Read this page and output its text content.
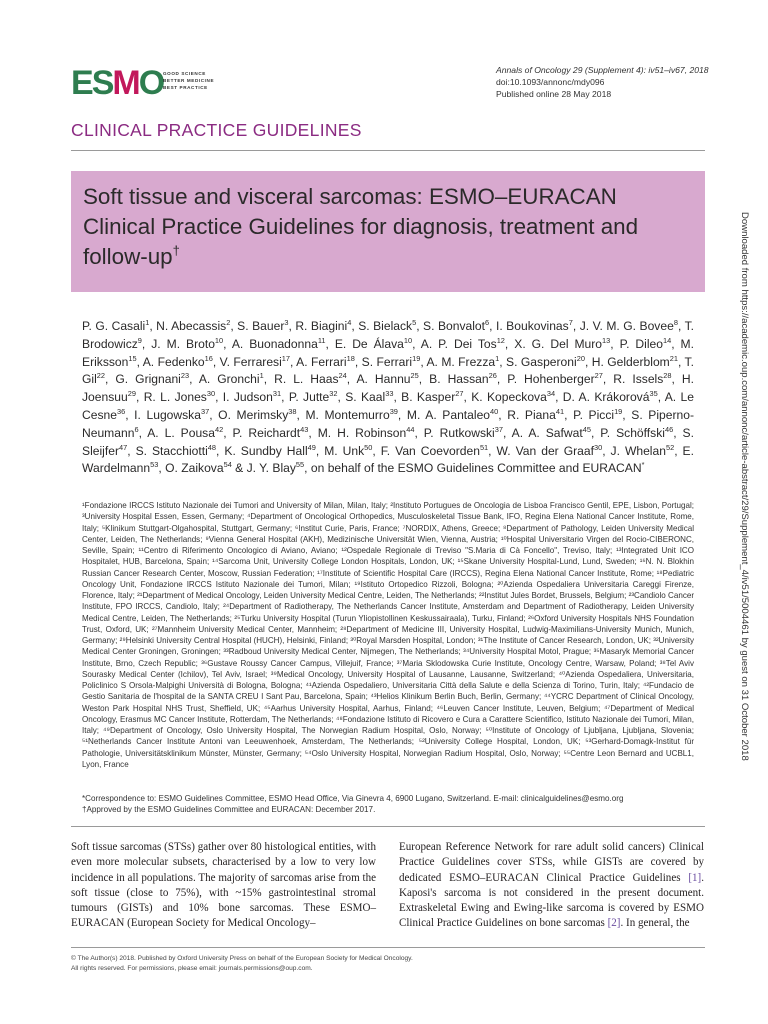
ESMO GOOD SCIENCE
BETTER MEDICINE
BEST PRACTICE
Annals of Oncology 29 (Supplement 4): iv51–iv67, 2018
doi:10.1093/annonc/mdy096
Published online 28 May 2018
CLINICAL PRACTICE GUIDELINES
Soft tissue and visceral sarcomas: ESMO–EURACAN Clinical Practice Guidelines for diagnosis, treatment and follow-up†
P. G. Casali$^1$, N. Abecassis$^2$, S. Bauer$^3$, R. Biagini$^4$, S. Bielack$^5$, S. Bonvalot$^6$, I. Boukovinas$^7$, J. V. M. G. Bovee$^8$, T. Brodowicz$^9$, J. M. Broto$^{10}$, A. Buonadonna$^{11}$, E. De Álava$^{10}$, A. P. Dei Tos$^{12}$, X. G. Del Muro$^{13}$, P. Dileo$^{14}$, M. Eriksson$^{15}$, A. Fedenko$^{16}$, V. Ferraresi$^{17}$, A. Ferrari$^{18}$, S. Ferrari$^{19}$, A. M. Frezza$^1$, S. Gasperoni$^{20}$, H. Gelderblom$^{21}$, T. Gil$^{22}$, G. Grignani$^{23}$, A. Gronchi$^1$, R. L. Haas$^{24}$, A. Hannu$^{25}$, B. Hassan$^{26}$, P. Hohenberger$^{27}$, R. Issels$^{28}$, H. Joensuu$^{29}$, R. L. Jones$^{30}$, I. Judson$^{31}$, P. Jutte$^{32}$, S. Kaal$^{33}$, B. Kasper$^{27}$, K. Kopeckova$^{34}$, D. A. Krákorová$^{35}$, A. Le Cesne$^{36}$, I. Lugowska$^{37}$, O. Merimsky$^{38}$, M. Montemurro$^{39}$, M. A. Pantaleo$^{40}$, R. Piana$^{41}$, P. Picci$^{19}$, S. Piperno-Neumann$^6$, A. L. Pousa$^{42}$, P. Reichardt$^{43}$, M. H. Robinson$^{44}$, P. Rutkowski$^{37}$, A. A. Safwat$^{45}$, P. Schöffski$^{46}$, S. Sleijfer$^{47}$, S. Stacchiotti$^{48}$, K. Sundby Hall$^{49}$, M. Unk$^{50}$, F. Van Coevorden$^{51}$, W. Van der Graaf$^{30}$, J. Whelan$^{52}$, E. Wardelmann$^{53}$, O. Zaikova$^{54}$ & J. Y. Blay$^{55}$, on behalf of the ESMO Guidelines Committee and EURACAN*
¹Fondazione IRCCS Istituto Nazionale dei Tumori and University of Milan, Milan, Italy; ²Instituto Portugues de Oncologia de Lisboa Francisco Gentil, EPE, Lisbon, Portugal; ³University Hospital Essen, Essen, Germany; ⁴Department of Oncological Orthopedics, Musculoskeletal Tissue Bank, IFO, Regina Elena National Cancer Institute, Rome, Italy; ⁵Klinikum Stuttgart-Olgahospital, Stuttgart, Germany; ⁶Institut Curie, Paris, France; ⁷NORDIX, Athens, Greece; ⁸Department of Pathology, Leiden University Medical Center, Leiden, The Netherlands; ⁹Vienna General Hospital (AKH), Medizinische Universität Wien, Vienna, Austria; ¹⁰Hospital Universitario Virgen del Rocio-CIBERONC, Seville, Spain; ¹¹Centro di Riferimento Oncologico di Aviano, Aviano; ¹²Ospedale Regionale di Treviso "S.Maria di Cà Foncello", Treviso, Italy; ¹³Integrated Unit ICO Hospitalet, HUB, Barcelona, Spain; ¹⁴Sarcoma Unit, University College London Hospitals, London, UK; ¹⁵Skane University Hospital-Lund, Lund, Sweden; ¹⁶N. N. Blokhin Russian Cancer Research Center, Moscow, Russian Federation; ¹⁷Institute of Scientific Hospital Care (IRCCS), Regina Elena National Cancer Institute, Rome; ¹⁸Pediatric Oncology Unit, Fondazione IRCCS Istituto Nazionale dei Tumori, Milan; ¹⁹Istituto Ortopedico Rizzoli, Bologna; ²⁰Azienda Ospedaliera Universitaria Careggi Firenze, Florence, Italy; ²¹Department of Medical Oncology, Leiden University Medical Centre, Leiden, The Netherlands; ²²Institut Jules Bordet, Brussels, Belgium; ²³Candiolo Cancer Institute, FPO IRCCS, Candiolo, Italy; ²⁴Department of Radiotherapy, The Netherlands Cancer Institute, Amsterdam and Department of Radiotherapy, Leiden University Medical Centre, Leiden, The Netherlands; ²⁵Turku University Hospital (Turun Yliopistollinen Keskussairaala), Turku, Finland; ²⁶Oxford University Hospitals NHS Foundation Trust, Oxford, UK; ²⁷Mannheim University Medical Center, Mannheim; ²⁸Department of Medicine III, University Hospital, Ludwig-Maximilians-University Munich, Munich, Germany; ²⁹Helsinki University Central Hospital (HUCH), Helsinki, Finland; ³⁰Royal Marsden Hospital, London; ³¹The Institute of Cancer Research, London, UK; ³²University Medical Center Groningen, Groningen; ³³Radboud University Medical Center, Nijmegen, The Netherlands; ³⁴University Hospital Motol, Prague; ³⁵Masaryk Memorial Cancer Institute, Brno, Czech Republic; ³⁶Gustave Roussy Cancer Campus, Villejuif, France; ³⁷Maria Sklodowska Curie Institute, Oncology Centre, Warsaw, Poland; ³⁸Tel Aviv Sourasky Medical Center (Ichilov), Tel Aviv, Israel; ³⁹Medical Oncology, University Hospital of Lausanne, Lausanne, Switzerland; ⁴⁰Azienda Ospedaliera, Universitaria, Policlinico S Orsola-Malpighi Università di Bologna, Bologna; ⁴¹Azienda Ospedaliero, Universitaria Città della Salute e della Scienza di Torino, Turin, Italy; ⁴²Fundacio de Gestio Sanitaria de l'hospital de la SANTA CREU I Sant Pau, Barcelona, Spain; ⁴³Helios Klinikum Berlin Buch, Berlin, Germany; ⁴⁴YCRC Department of Clinical Oncology, Weston Park Hospital NHS Trust, Sheffield, UK; ⁴⁵Aarhus University Hospital, Aarhus, Finland; ⁴⁶Leuven Cancer Institute, Leuven, Belgium; ⁴⁷Department of Medical Oncology, Erasmus MC Cancer Institute, Rotterdam, The Netherlands; ⁴⁸Fondazione Istituto di Ricovero e Cura a Carattere Scientifico, Istituto Nazionale dei Tumori, Milan, Italy; ⁴⁹Department of Oncology, Oslo University Hospital, The Norwegian Radium Hospital, Oslo, Norway; ⁵⁰Institute of Oncology of Ljubljana, Ljubljana, Slovenia; ⁵¹Netherlands Cancer Institute Antoni van Leeuwenhoek, Amsterdam, The Netherlands; ⁵²University College Hospital, London, UK; ⁵³Gerhard-Domagk-Institut für Pathologie, Universitätsklinikum Münster, Münster, Germany; ⁵⁴Oslo University Hospital, Norwegian Radium Hospital, Oslo, Norway; ⁵⁵Centre Leon Bernard and UCBL1, Lyon, France
*Correspondence to: ESMO Guidelines Committee, ESMO Head Office, Via Ginevra 4, 6900 Lugano, Switzerland. E-mail: clinicalguidelines@esmo.org
†Approved by the ESMO Guidelines Committee and EURACAN: December 2017.
Soft tissue sarcomas (STSs) gather over 80 histological entities, with even more molecular subsets, characterised by a low to very low incidence in all populations. The majority of sarcomas arise from the soft tissue (close to 75%), with ~15% gastrointestinal stromal tumours (GISTs) and 10% bone sarcomas. These ESMO–EURACAN (European Society for Medical Oncology–
European Reference Network for rare adult solid cancers) Clinical Practice Guidelines cover STSs, while GISTs are covered by dedicated ESMO–EURACAN Clinical Practice Guidelines [1]. Kaposi's sarcoma is not considered in the present document. Extraskeletal Ewing and Ewing-like sarcoma is covered by ESMO Clinical Practice Guidelines on bone sarcomas [2]. In general, the
© The Author(s) 2018. Published by Oxford University Press on behalf of the European Society for Medical Oncology.
All rights reserved. For permissions, please email: journals.permissions@oup.com.
Downloaded from https://academic.oup.com/annonc/article-abstract/29/Supplement_4/iv51/5004461 by guest on 31 October 2018
